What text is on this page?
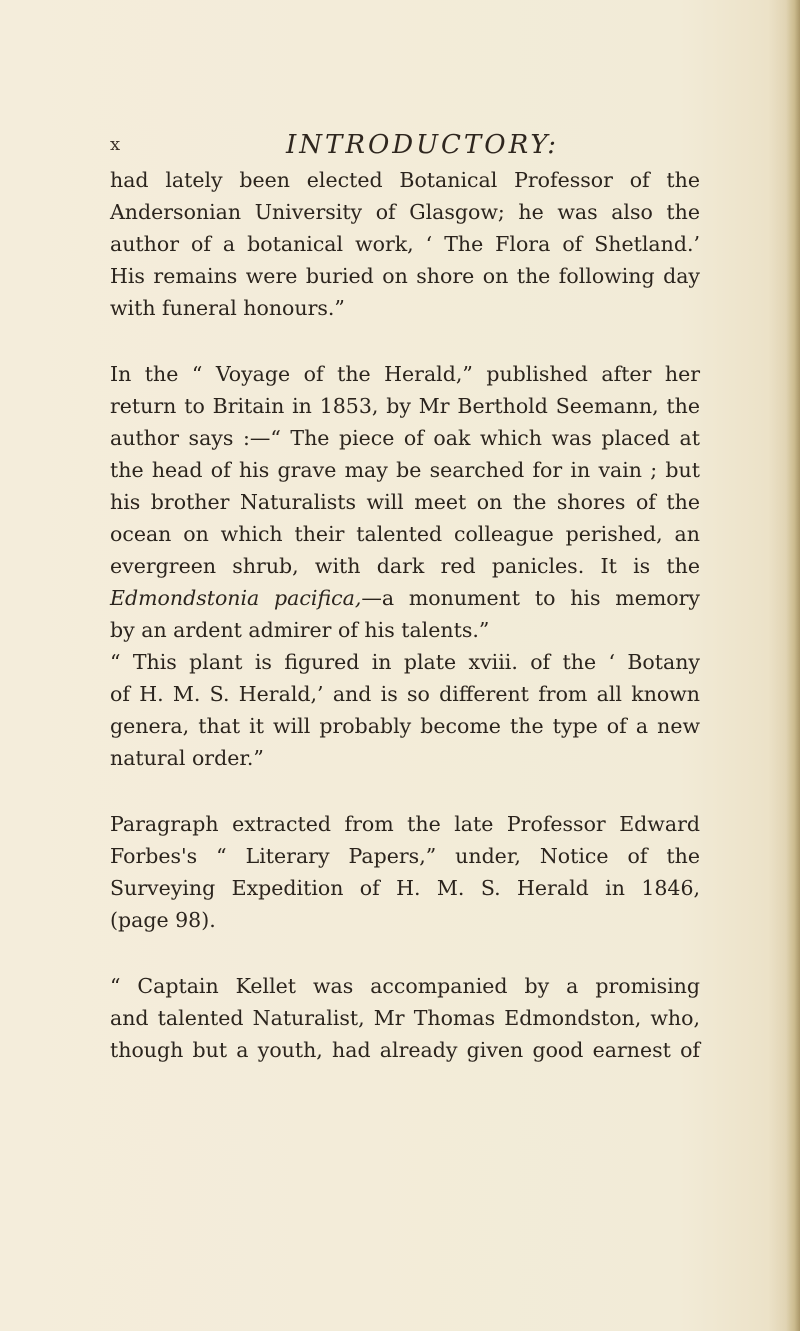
x	INTRODUCTORY:
had lately been elected Botanical Professor of the
Andersonian University of Glasgow; he was also the
author of a botanical work, ‘ The Flora of Shetland.’
His remains were buried on shore on the following day
with funeral honours.”
In the “ Voyage of the Herald,” published after her
return to Britain in 1853, by Mr Berthold Seemann, the
author says :—“ The piece of oak which was placed at
the head of his grave may be searched for in vain ; but
his brother Naturalists will meet on the shores of the
ocean on which their talented colleague perished, an
evergreen shrub, with dark red panicles. It is the
Edmondstonia pacifica,—a monument to his memory
by an ardent admirer of his talents.”
“ This plant is figured in plate xviii. of the ‘ Botany
of H. M. S. Herald,’ and is so different from all known
genera, that it will probably become the type of a new
natural order.”
Paragraph extracted from the late Professor Edward
Forbes's “ Literary Papers,” under, Notice of the
Surveying Expedition of H. M. S. Herald in 1846,
(page 98).
“ Captain Kellet was accompanied by a promising
and talented Naturalist, Mr Thomas Edmondston, who,
though but a youth, had already given good earnest of
